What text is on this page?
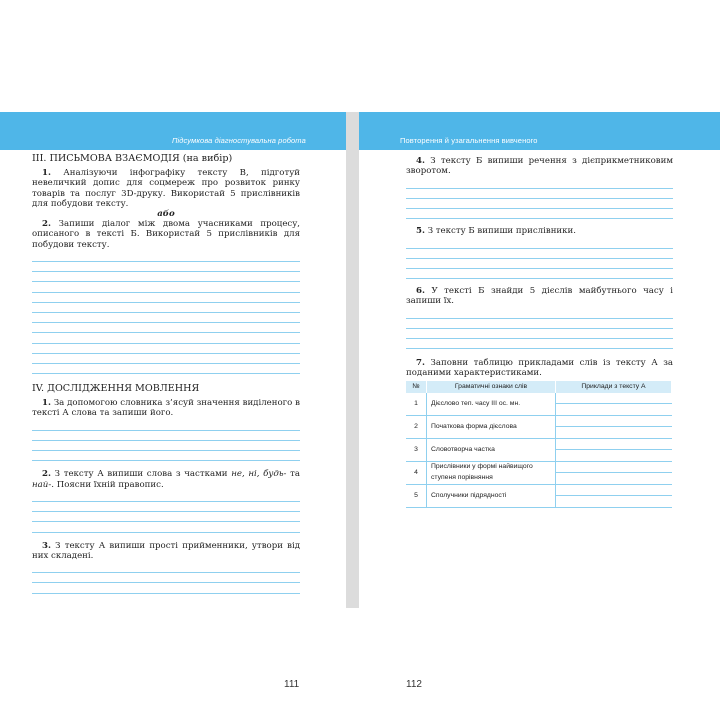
Підсумкова діагностувальна робота

III. ПИСЬМОВА ВЗАЄМОДІЯ (на вибір)

1. Аналізуючи інфографіку тексту В, підготуй невеличкий допис для соцмереж про розвиток ринку товарів та послуг 3D-друку. Використай 5 прислівників для побудови тексту.

або

2. Запиши діалог між двома учасниками процесу, описаного в тексті Б. Використай 5 прислівників для побудови тексту.

IV. ДОСЛІДЖЕННЯ МОВЛЕННЯ

1. За допомогою словника з’ясуй значення виділеного в тексті А слова та запиши його.

2. З тексту А випиши слова з частками не, ні, будь- та най-. Поясни їхній правопис.

3. З тексту А випиши прості прийменники, утвори від них складені.

111
Повторення й узагальнення вивченого

4. З тексту Б випиши речення з дієприкметниковим зворотом.

5. З тексту Б випиши прислівники.

6. У тексті Б знайди 5 дієслів майбутнього часу і запиши їх.

7. Заповни таблицю прикладами слів із тексту А за поданими характеристиками.

№	Граматичні ознаки слів	Приклади з тексту А
1	Дієслово теп. часу ІІІ ос. мн.	

2	Початкова форма дієслова	

3	Словотворча частка	

4	Прислівники у формі найвищого ступеня порівняння	

5	Сполучники підрядності	
112
